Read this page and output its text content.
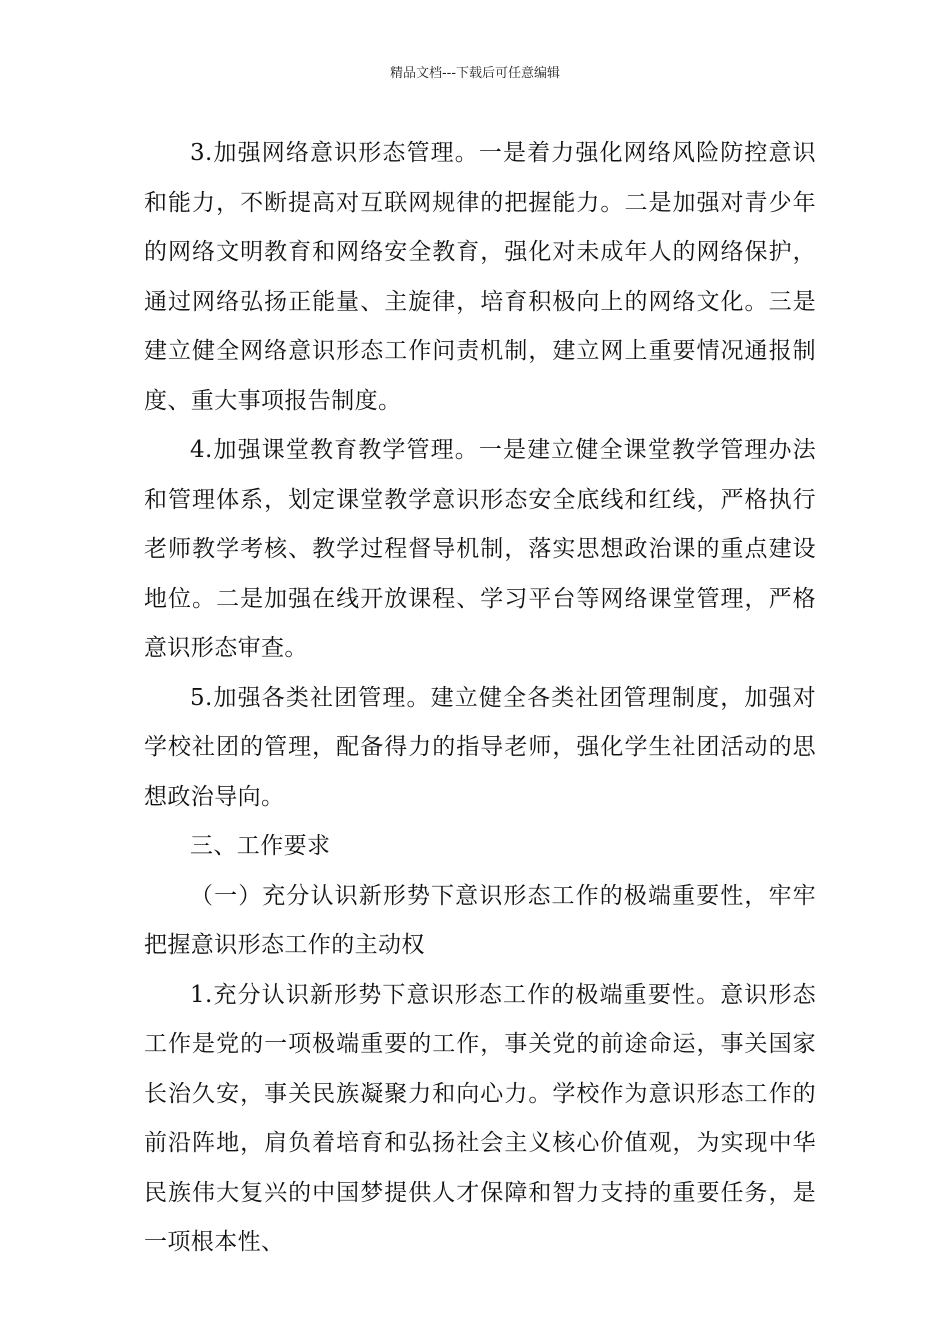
精品文档---下载后可任意编辑

3.加强网络意识形态管理。一是着力强化网络风险防控意识和能力，不断提高对互联网规律的把握能力。二是加强对青少年的网络文明教育和网络安全教育，强化对未成年人的网络保护，通过网络弘扬正能量、主旋律，培育积极向上的网络文化。三是建立健全网络意识形态工作问责机制，建立网上重要情况通报制度、重大事项报告制度。

4.加强课堂教育教学管理。一是建立健全课堂教学管理办法和管理体系，划定课堂教学意识形态安全底线和红线，严格执行老师教学考核、教学过程督导机制，落实思想政治课的重点建设地位。二是加强在线开放课程、学习平台等网络课堂管理，严格意识形态审查。

5.加强各类社团管理。建立健全各类社团管理制度，加强对学校社团的管理，配备得力的指导老师，强化学生社团活动的思想政治导向。

三、工作要求

（一）充分认识新形势下意识形态工作的极端重要性，牢牢把握意识形态工作的主动权

1.充分认识新形势下意识形态工作的极端重要性。意识形态工作是党的一项极端重要的工作，事关党的前途命运，事关国家长治久安，事关民族凝聚力和向心力。学校作为意识形态工作的前沿阵地，肩负着培育和弘扬社会主义核心价值观，为实现中华民族伟大复兴的中国梦提供人才保障和智力支持的重要任务，是一项根本性、
